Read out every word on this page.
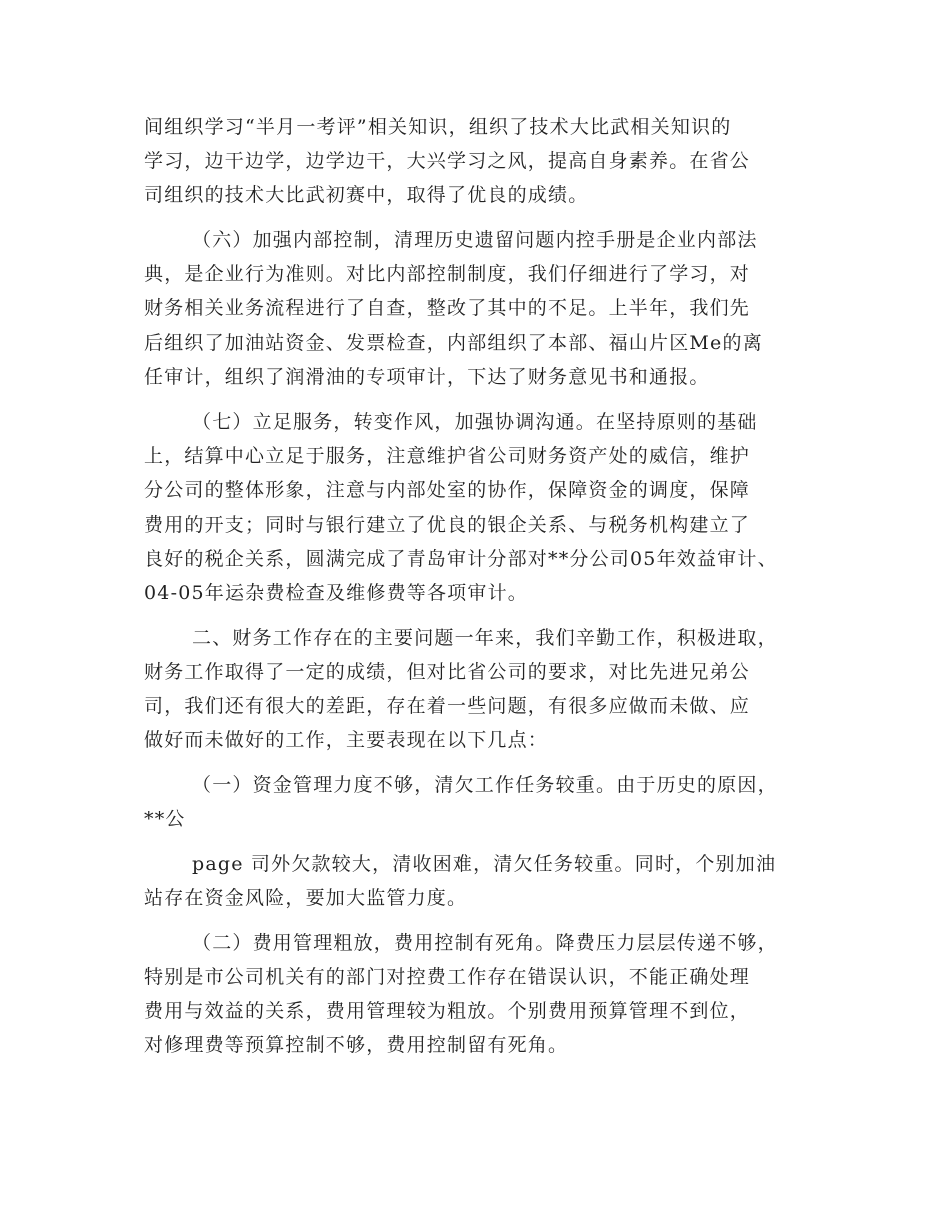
间组织学习“半月一考评”相关知识，组织了技术大比武相关知识的
学习，边干边学，边学边干，大兴学习之风，提高自身素养。在省公
司组织的技术大比武初赛中，取得了优良的成绩。
（六）加强内部控制，清理历史遗留问题内控手册是企业内部法
典，是企业行为准则。对比内部控制制度，我们仔细进行了学习，对
财务相关业务流程进行了自查，整改了其中的不足。上半年，我们先
后组织了加油站资金、发票检查，内部组织了本部、福山片区Me的离
任审计，组织了润滑油的专项审计，下达了财务意见书和通报。
（七）立足服务，转变作风，加强协调沟通。在坚持原则的基础
上，结算中心立足于服务，注意维护省公司财务资产处的威信，维护
分公司的整体形象，注意与内部处室的协作，保障资金的调度，保障
费用的开支；同时与银行建立了优良的银企关系、与税务机构建立了
良好的税企关系，圆满完成了青岛审计分部对**分公司05年效益审计、
04-05年运杂费检查及维修费等各项审计。
二、财务工作存在的主要问题一年来，我们辛勤工作，积极进取，
财务工作取得了一定的成绩，但对比省公司的要求，对比先进兄弟公
司，我们还有很大的差距，存在着一些问题，有很多应做而未做、应
做好而未做好的工作，主要表现在以下几点：
（一）资金管理力度不够，清欠工作任务较重。由于历史的原因，
**公
page 司外欠款较大，清收困难，清欠任务较重。同时，个别加油
站存在资金风险，要加大监管力度。
（二）费用管理粗放，费用控制有死角。降费压力层层传递不够，
特别是市公司机关有的部门对控费工作存在错误认识，不能正确处理
费用与效益的关系，费用管理较为粗放。个别费用预算管理不到位，
对修理费等预算控制不够，费用控制留有死角。
